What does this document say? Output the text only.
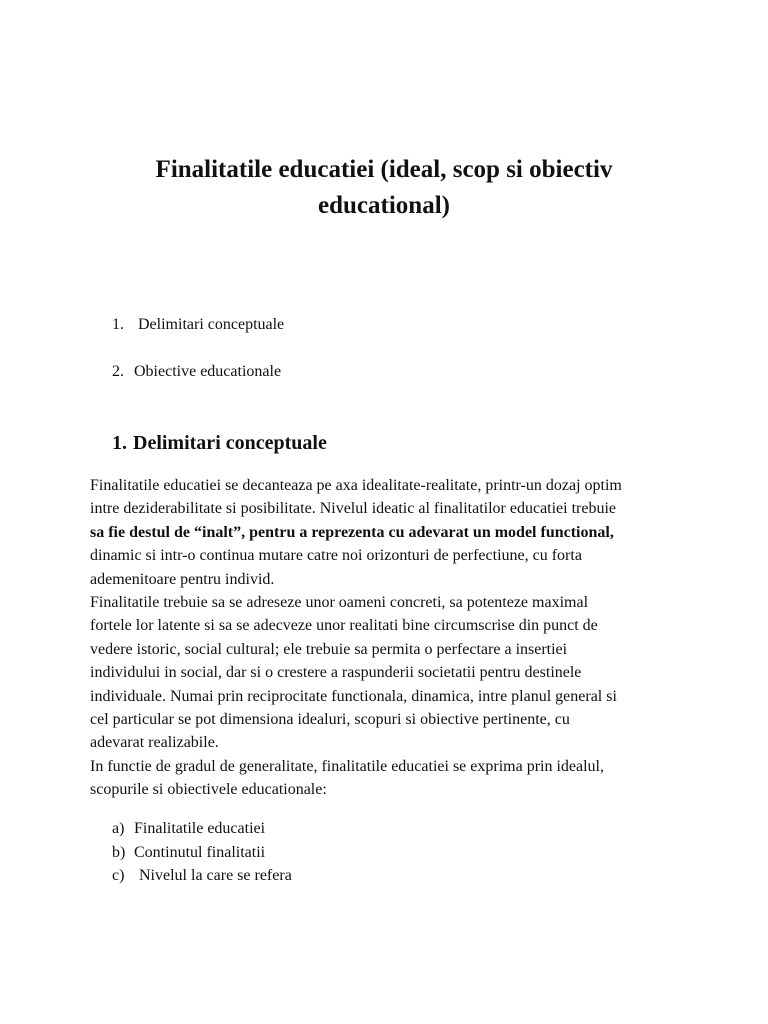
Finalitatile educatiei (ideal, scop si obiectiv
educational)
1. Delimitari conceptuale
2. Obiective educationale
1. Delimitari conceptuale
Finalitatile educatiei se decanteaza pe axa idealitate-realitate, printr-un dozaj optim
intre deziderabilitate si posibilitate. Nivelul ideatic al finalitatilor educatiei trebuie
sa fie destul de “inalt”, pentru a reprezenta cu adevarat un model functional,
dinamic si intr-o continua mutare catre noi orizonturi de perfectiune, cu forta
ademenitoare pentru individ.
Finalitatile trebuie sa se adreseze unor oameni concreti, sa potenteze maximal
fortele lor latente si sa se adecveze unor realitati bine circumscrise din punct de
vedere istoric, social cultural; ele trebuie sa permita o perfectare a insertiei
individului in social, dar si o crestere a raspunderii societatii pentru destinele
individuale. Numai prin reciprocitate functionala, dinamica, intre planul general si
cel particular se pot dimensiona idealuri, scopuri si obiective pertinente, cu
adevarat realizabile.
In functie de gradul de generalitate, finalitatile educatiei se exprima prin idealul,
scopurile si obiectivele educationale:
a) Finalitatile educatiei
b) Continutul finalitatii
c) Nivelul la care se refera
